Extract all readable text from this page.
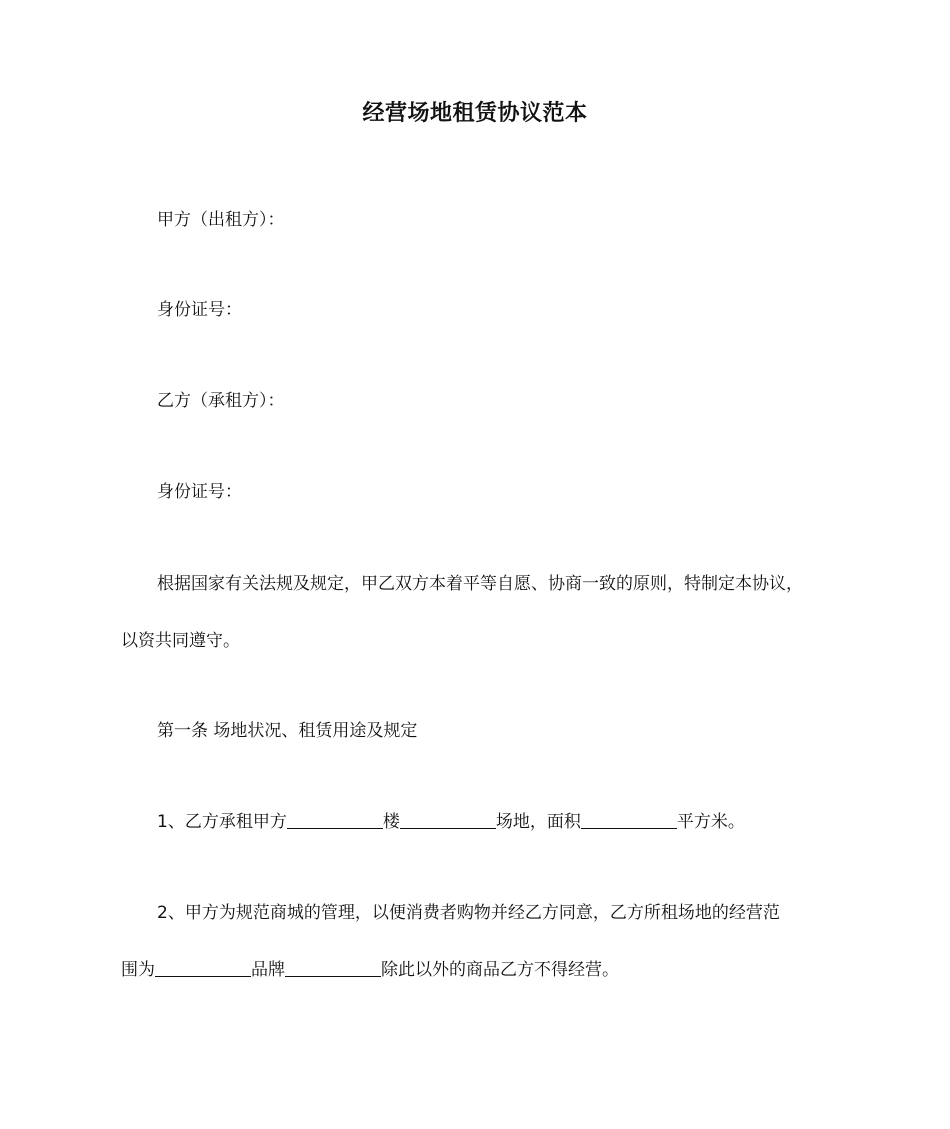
经营场地租赁协议范本

甲方（出租方）：

身份证号：

乙方（承租方）：

身份证号：

根据国家有关法规及规定，甲乙双方本着平等自愿、协商一致的原则，特制定本协议，

以资共同遵守。

第一条 场地状况、租赁用途及规定

1、乙方承租甲方	楼	场地，面积	平方米。

2、甲方为规范商城的管理，以便消费者购物并经乙方同意，乙方所租场地的经营范

围为	品牌	除此以外的商品乙方不得经营。
